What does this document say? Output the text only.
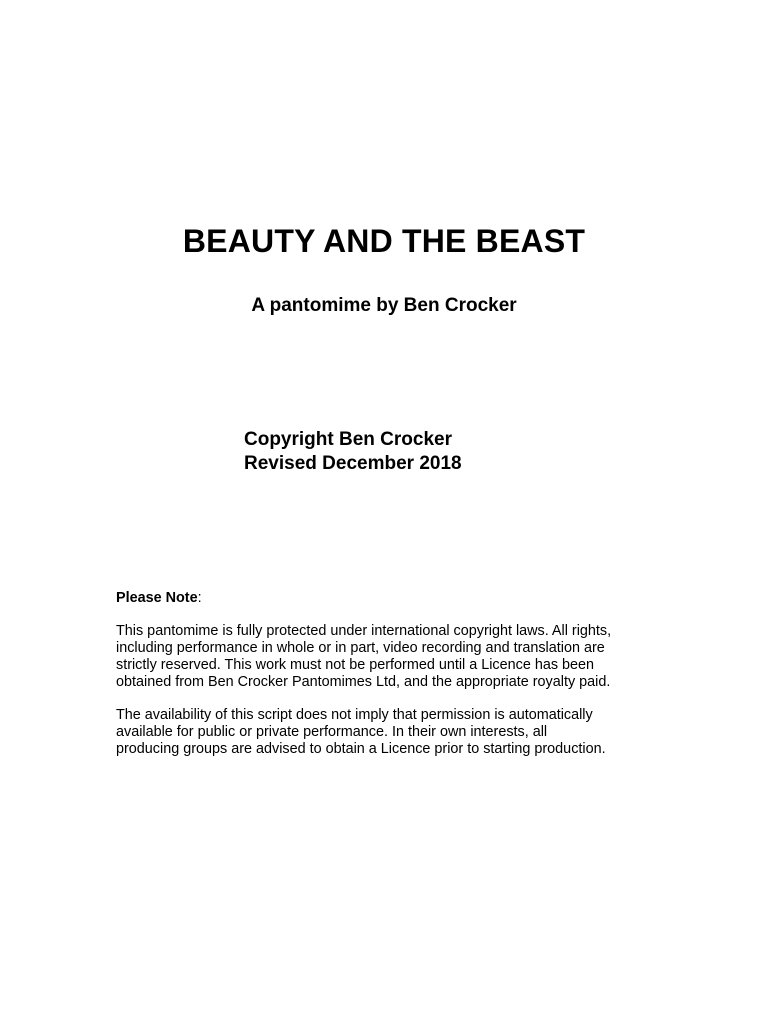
BEAUTY AND THE BEAST
A pantomime by Ben Crocker
Copyright Ben Crocker
Revised December 2018
Please Note:
This pantomime is fully protected under international copyright laws. All rights,
including performance in whole or in part, video recording and translation are
strictly reserved. This work must not be performed until a Licence has been
obtained from Ben Crocker Pantomimes Ltd, and the appropriate royalty paid.
The availability of this script does not imply that permission is automatically
available for public or private performance. In their own interests, all
producing groups are advised to obtain a Licence prior to starting production.
